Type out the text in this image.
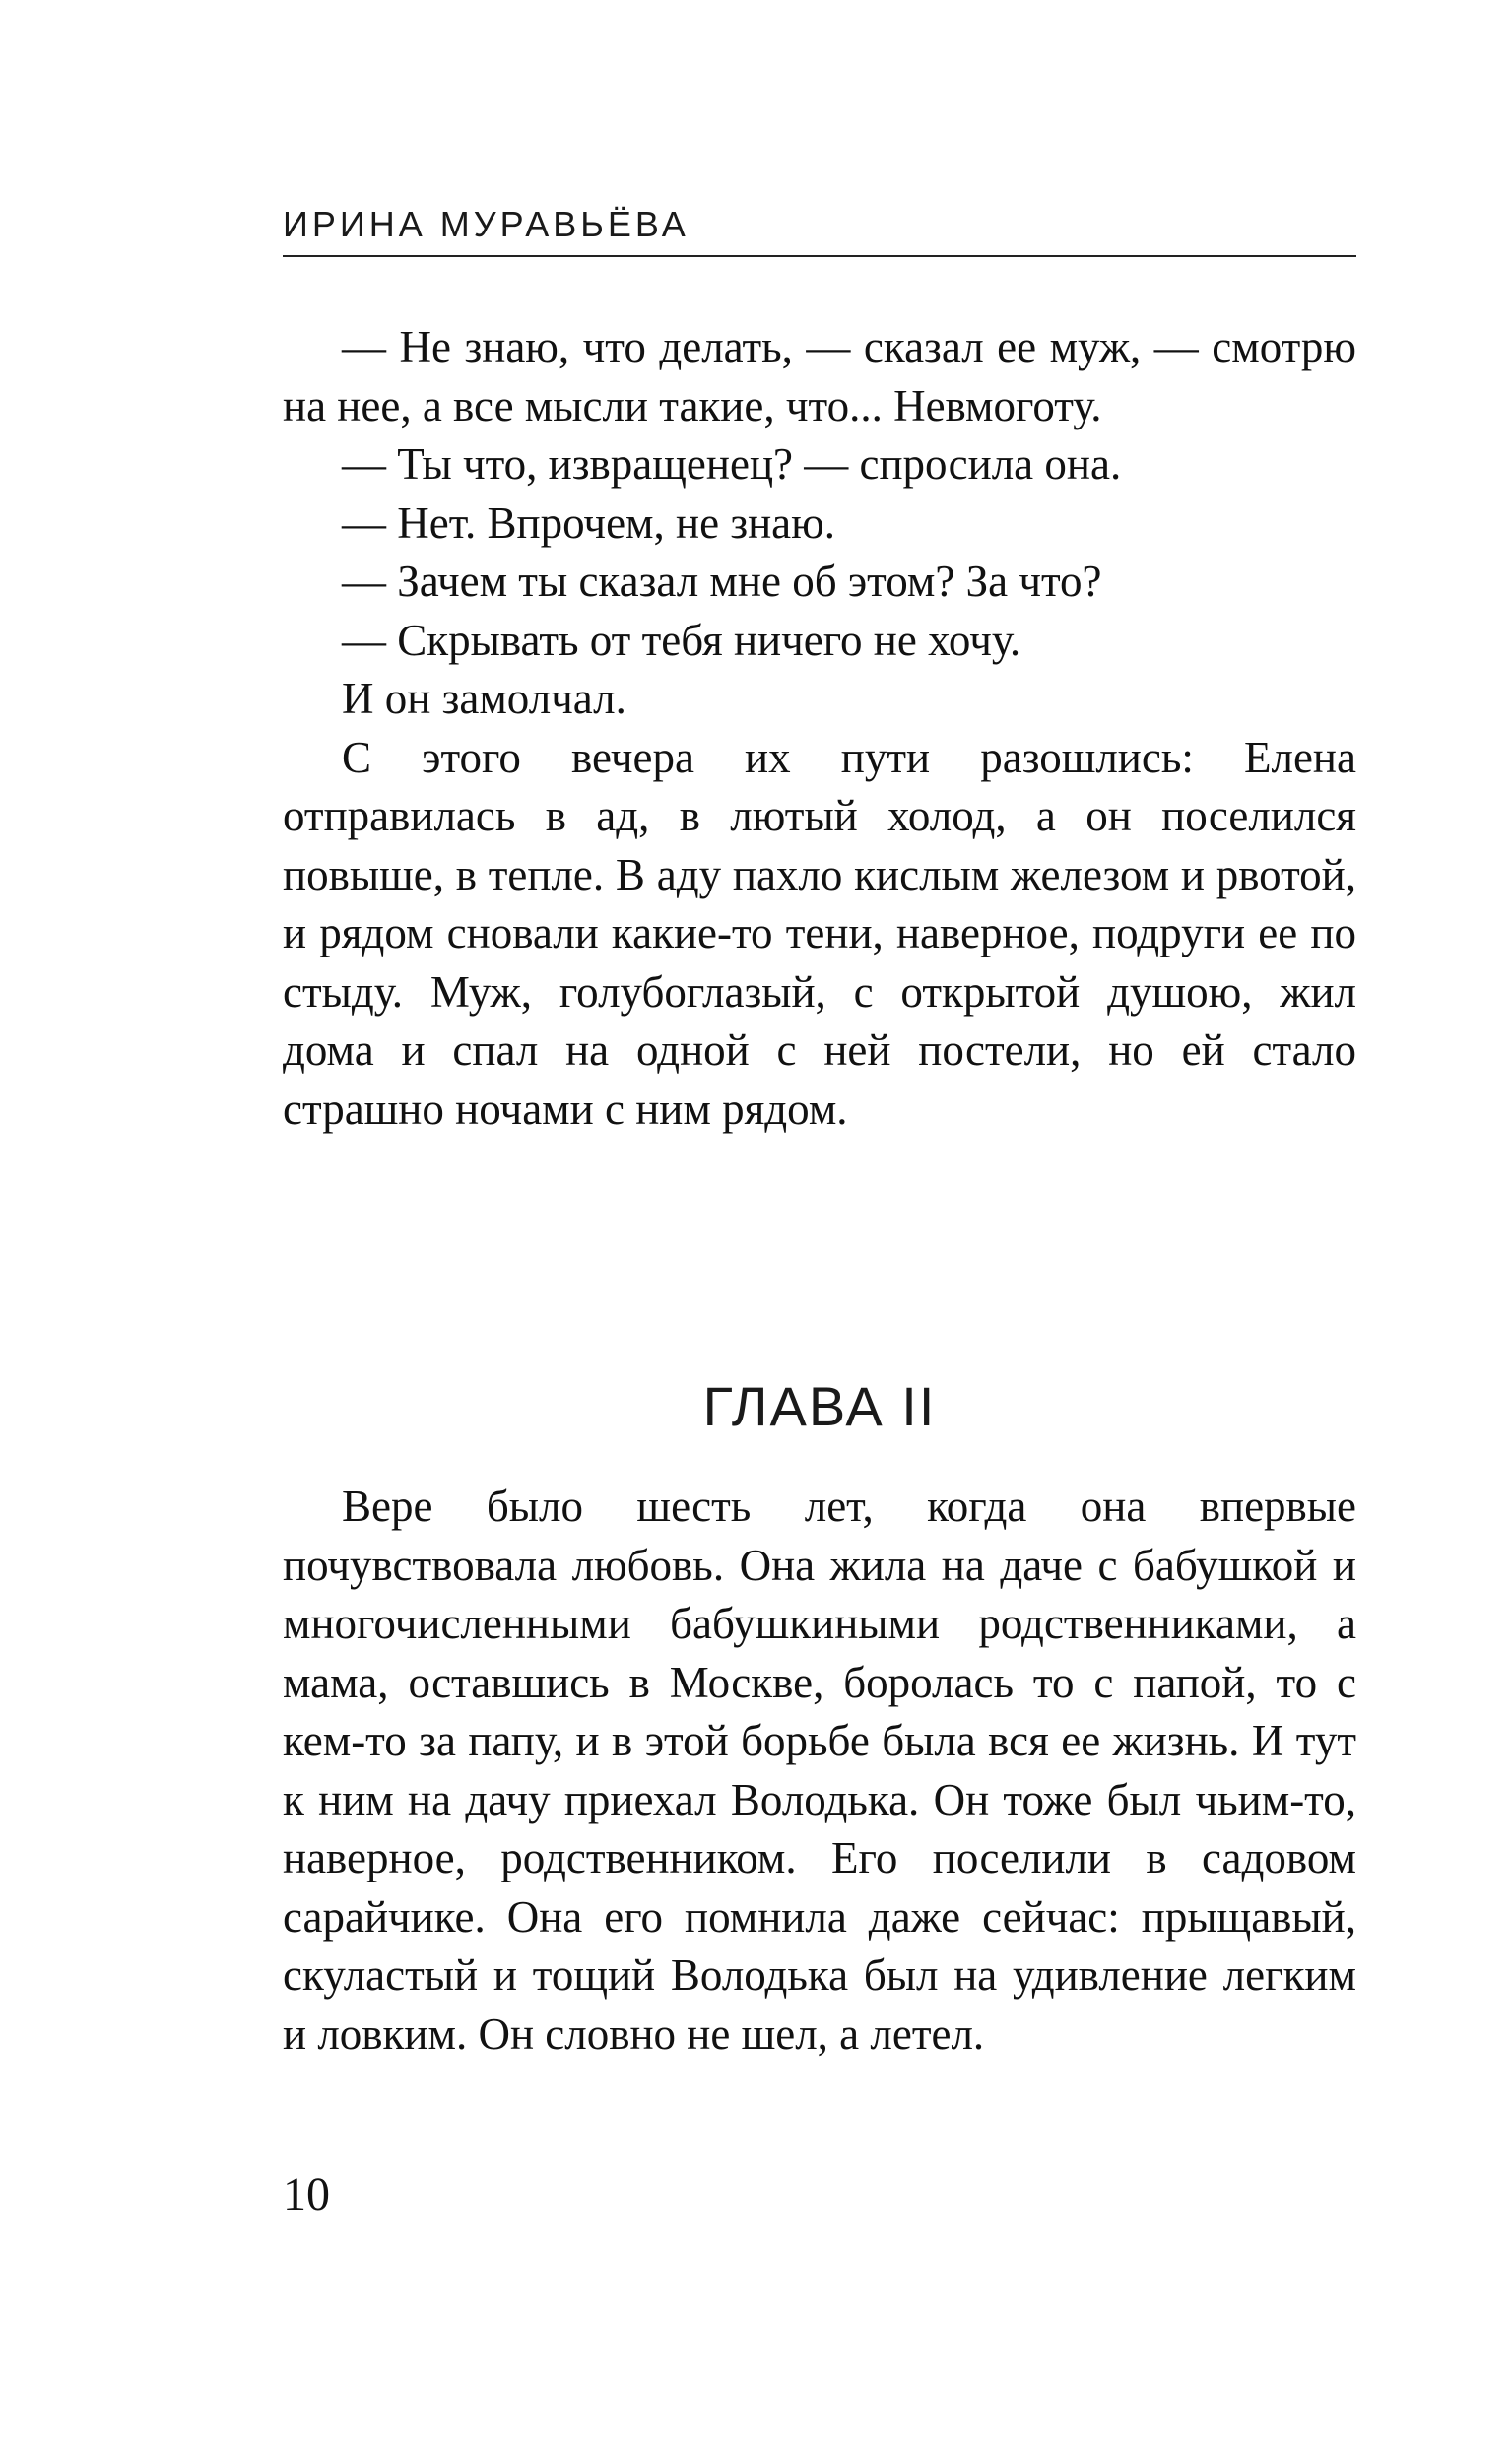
ИРИНА МУРАВЬЁВА

— Не знаю, что делать, — сказал ее муж, — смотрю на нее, а все мысли такие, что... Невмоготу.

— Ты что, извращенец? — спросила она.

— Нет. Впрочем, не знаю.

— Зачем ты сказал мне об этом? За что?

— Скрывать от тебя ничего не хочу.

И он замолчал.

С этого вечера их пути разошлись: Елена отправилась в ад, в лютый холод, а он поселился повыше, в тепле. В аду пахло кислым железом и рвотой, и рядом сновали какие-то тени, наверное, подруги ее по стыду. Муж, голубоглазый, с открытой душою, жил дома и спал на одной с ней постели, но ей стало страшно ночами с ним рядом.

ГЛАВА II

Вере было шесть лет, когда она впервые почувствовала любовь. Она жила на даче с бабушкой и многочисленными бабушкиными родственниками, а мама, оставшись в Москве, боролась то с папой, то с кем-то за папу, и в этой борьбе была вся ее жизнь. И тут к ним на дачу приехал Володька. Он тоже был чьим-то, наверное, родственником. Его поселили в садовом сарайчике. Она его помнила даже сейчас: прыщавый, скуластый и тощий Володька был на удивление легким и ловким. Он словно не шел, а летел.

10
